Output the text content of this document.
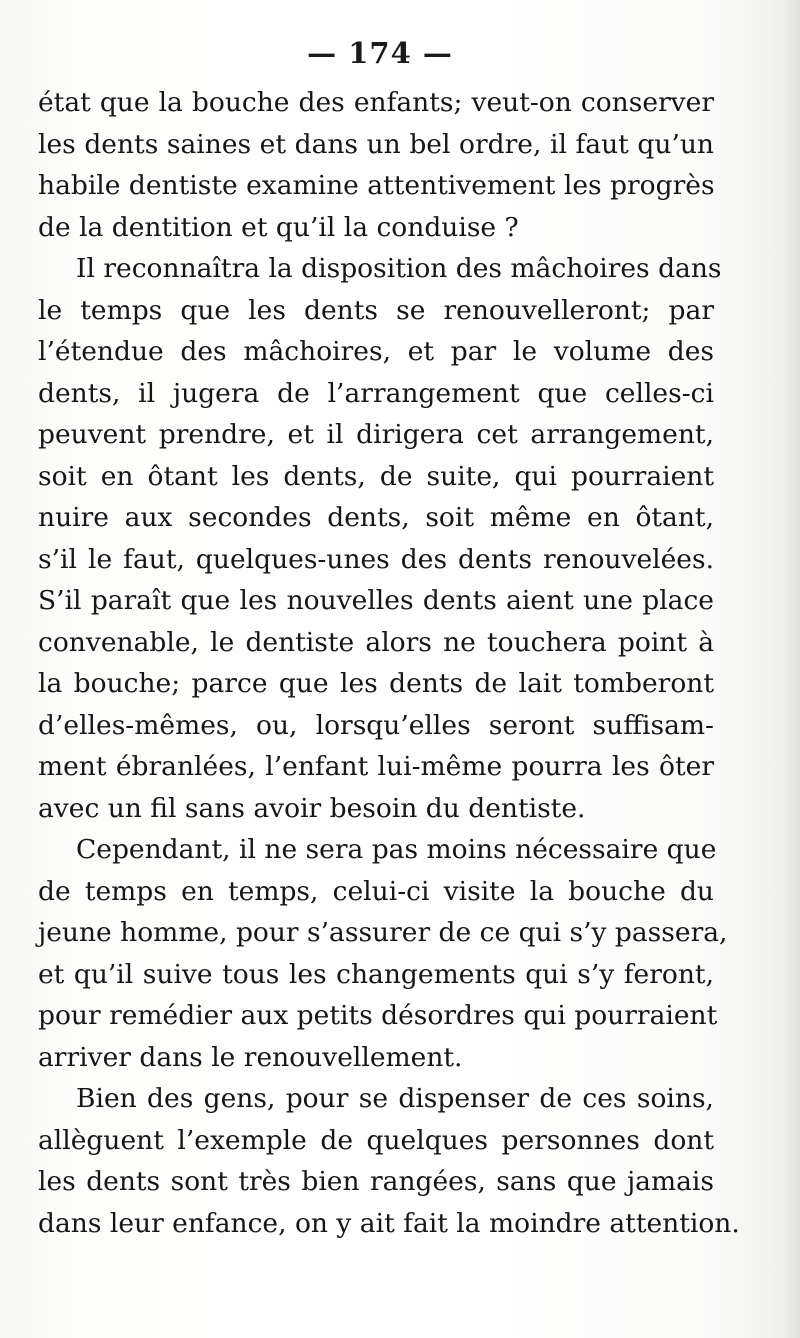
— 174 —

état que la bouche des enfants; veut-on conserver
les dents saines et dans un bel ordre, il faut qu’un
habile dentiste examine attentivement les progrès
de la dentition et qu’il la conduise ?

Il reconnaîtra la disposition des mâchoires dans
le temps que les dents se renouvelleront; par
l’étendue des mâchoires, et par le volume des
dents, il jugera de l’arrangement que celles-ci
peuvent prendre, et il dirigera cet arrangement,
soit en ôtant les dents, de suite, qui pourraient
nuire aux secondes dents, soit même en ôtant,
s’il le faut, quelques-unes des dents renouvelées.
S’il paraît que les nouvelles dents aient une place
convenable, le dentiste alors ne touchera point à
la bouche; parce que les dents de lait tomberont
d’elles-mêmes, ou, lorsqu’elles seront suffisam-
ment ébranlées, l’enfant lui-même pourra les ôter
avec un fil sans avoir besoin du dentiste.

Cependant, il ne sera pas moins nécessaire que
de temps en temps, celui-ci visite la bouche du
jeune homme, pour s’assurer de ce qui s’y passera,
et qu’il suive tous les changements qui s’y feront,
pour remédier aux petits désordres qui pourraient
arriver dans le renouvellement.

Bien des gens, pour se dispenser de ces soins,
allèguent l’exemple de quelques personnes dont
les dents sont très bien rangées, sans que jamais
dans leur enfance, on y ait fait la moindre attention.
